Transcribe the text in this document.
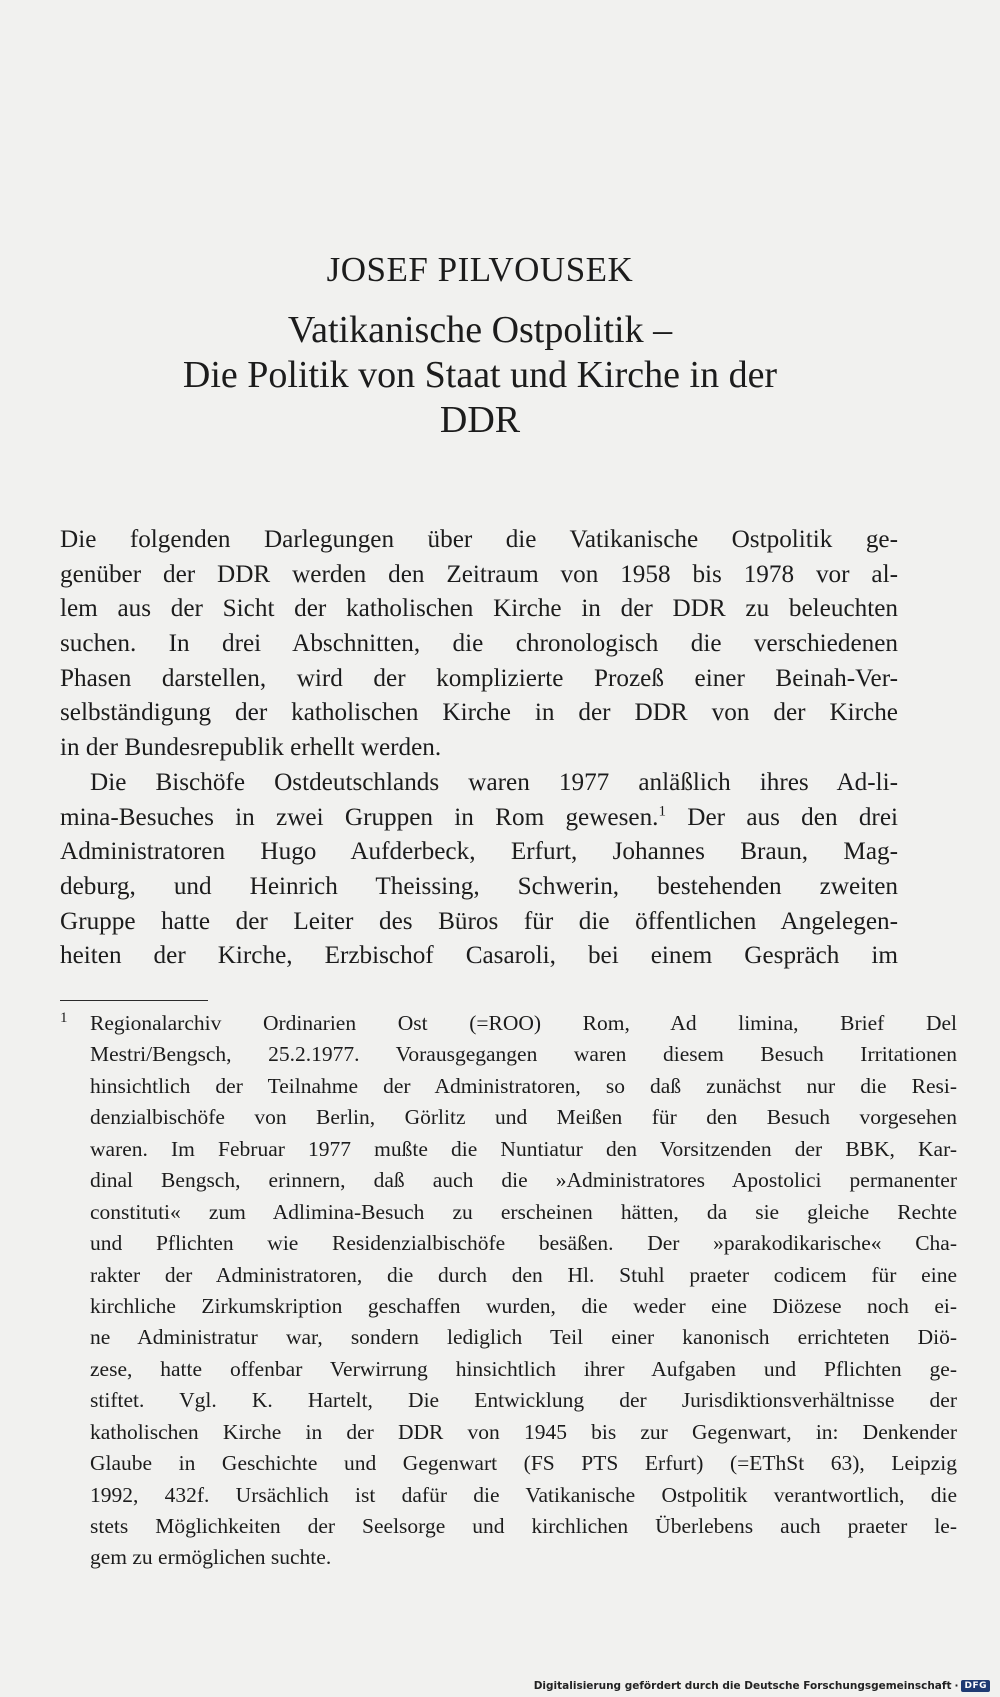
JOSEF PILVOUSEK
Vatikanische Ostpolitik –
Die Politik von Staat und Kirche in der
DDR
Die folgenden Darlegungen über die Vatikanische Ostpolitik ge-
genüber der DDR werden den Zeitraum von 1958 bis 1978 vor al-
lem aus der Sicht der katholischen Kirche in der DDR zu beleuchten
suchen. In drei Abschnitten, die chronologisch die verschiedenen
Phasen darstellen, wird der komplizierte Prozeß einer Beinah-Ver-
selbständigung der katholischen Kirche in der DDR von der Kirche
in der Bundesrepublik erhellt werden.
Die Bischöfe Ostdeutschlands waren 1977 anläßlich ihres Ad-li-
mina-Besuches in zwei Gruppen in Rom gewesen.$^1$ Der aus den drei
Administratoren Hugo Aufderbeck, Erfurt, Johannes Braun, Mag-
deburg, und Heinrich Theissing, Schwerin, bestehenden zweiten
Gruppe hatte der Leiter des Büros für die öffentlichen Angelegen-
heiten der Kirche, Erzbischof Casaroli, bei einem Gespräch im
1 Regionalarchiv Ordinarien Ost (=ROO) Rom, Ad limina, Brief Del
Mestri/Bengsch, 25.2.1977. Vorausgegangen waren diesem Besuch Irritationen
hinsichtlich der Teilnahme der Administratoren, so daß zunächst nur die Resi-
denzialbischöfe von Berlin, Görlitz und Meißen für den Besuch vorgesehen
waren. Im Februar 1977 mußte die Nuntiatur den Vorsitzenden der BBK, Kar-
dinal Bengsch, erinnern, daß auch die »Administratores Apostolici permanenter
constituti« zum Adlimina-Besuch zu erscheinen hätten, da sie gleiche Rechte
und Pflichten wie Residenzialbischöfe besäßen. Der »parakodikarische« Cha-
rakter der Administratoren, die durch den Hl. Stuhl praeter codicem für eine
kirchliche Zirkumskription geschaffen wurden, die weder eine Diözese noch ei-
ne Administratur war, sondern lediglich Teil einer kanonisch errichteten Diö-
zese, hatte offenbar Verwirrung hinsichtlich ihrer Aufgaben und Pflichten ge-
stiftet. Vgl. K. Hartelt, Die Entwicklung der Jurisdiktionsverhältnisse der
katholischen Kirche in der DDR von 1945 bis zur Gegenwart, in: Denkender
Glaube in Geschichte und Gegenwart (FS PTS Erfurt) (=EThSt 63), Leipzig
1992, 432f. Ursächlich ist dafür die Vatikanische Ostpolitik verantwortlich, die
stets Möglichkeiten der Seelsorge und kirchlichen Überlebens auch praeter le-
gem zu ermöglichen suchte.
Digitalisierung gefördert durch die Deutsche Forschungsgemeinschaft · DFG
